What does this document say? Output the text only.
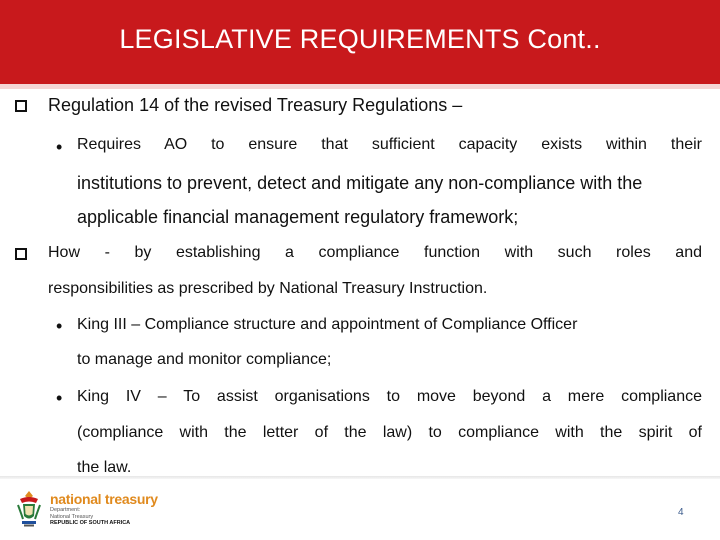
LEGISLATIVE REQUIREMENTS Cont..
Regulation 14 of the revised Treasury Regulations –
• Requires AO to ensure that sufficient capacity exists within their
institutions to prevent, detect and mitigate any non-compliance with the
applicable financial management regulatory framework;
How - by establishing a compliance function with such roles and
responsibilities as prescribed by National Treasury Instruction.
• King III – Compliance structure and appointment of Compliance Officer
to manage and monitor compliance;
• King IV – To assist organisations to move beyond a mere compliance
(compliance with the letter of the law) to compliance with the spirit of
the law.
national treasury
Department:
National Treasury
REPUBLIC OF SOUTH AFRICA
4
